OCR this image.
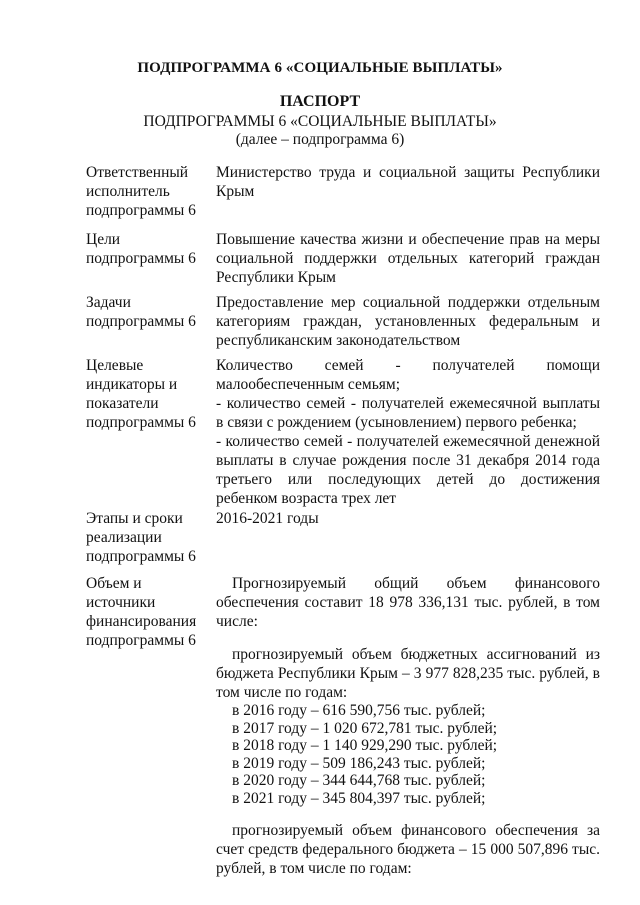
ПОДПРОГРАММА 6 «СОЦИАЛЬНЫЕ ВЫПЛАТЫ»
ПАСПОРТ
ПОДПРОГРАММЫ 6 «СОЦИАЛЬНЫЕ ВЫПЛАТЫ»
(далее – подпрограмма 6)
Ответственный
исполнитель
подпрограммы 6

Министерство труда и социальной защиты Республики Крым

Цели
подпрограммы 6

Повышение качества жизни и обеспечение прав на меры социальной поддержки отдельных категорий граждан Республики Крым

Задачи
подпрограммы 6

Предоставление мер социальной поддержки отдельным категориям граждан, установленных федеральным и республиканским законодательством

Целевые
индикаторы и
показатели
подпрограммы 6

Количество семей - получателей помощи малообеспеченным семьям;

- количество семей - получателей ежемесячной выплаты в связи с рождением (усыновлением) первого ребенка;

- количество семей - получателей ежемесячной денежной выплаты в случае рождения после 31 декабря 2014 года третьего или последующих детей до достижения ребенком возраста трех лет

Этапы и сроки
реализации
подпрограммы 6

2016-2021 годы

Объем и
источники
финансирования
подпрограммы 6

Прогнозируемый общий объем финансового обеспечения составит 18 978 336,131 тыс. рублей, в том числе:

прогнозируемый объем бюджетных ассигнований из бюджета Республики Крым – 3 977 828,235 тыс. рублей, в том числе по годам:

в 2016 году – 616 590,756 тыс. рублей;
в 2017 году – 1 020 672,781 тыс. рублей;
в 2018 году – 1 140 929,290 тыс. рублей;
в 2019 году – 509 186,243 тыс. рублей;
в 2020 году – 344 644,768 тыс. рублей;
в 2021 году – 345 804,397 тыс. рублей;

прогнозируемый объем финансового обеспечения за счет средств федерального бюджета – 15 000 507,896 тыс. рублей, в том числе по годам:
